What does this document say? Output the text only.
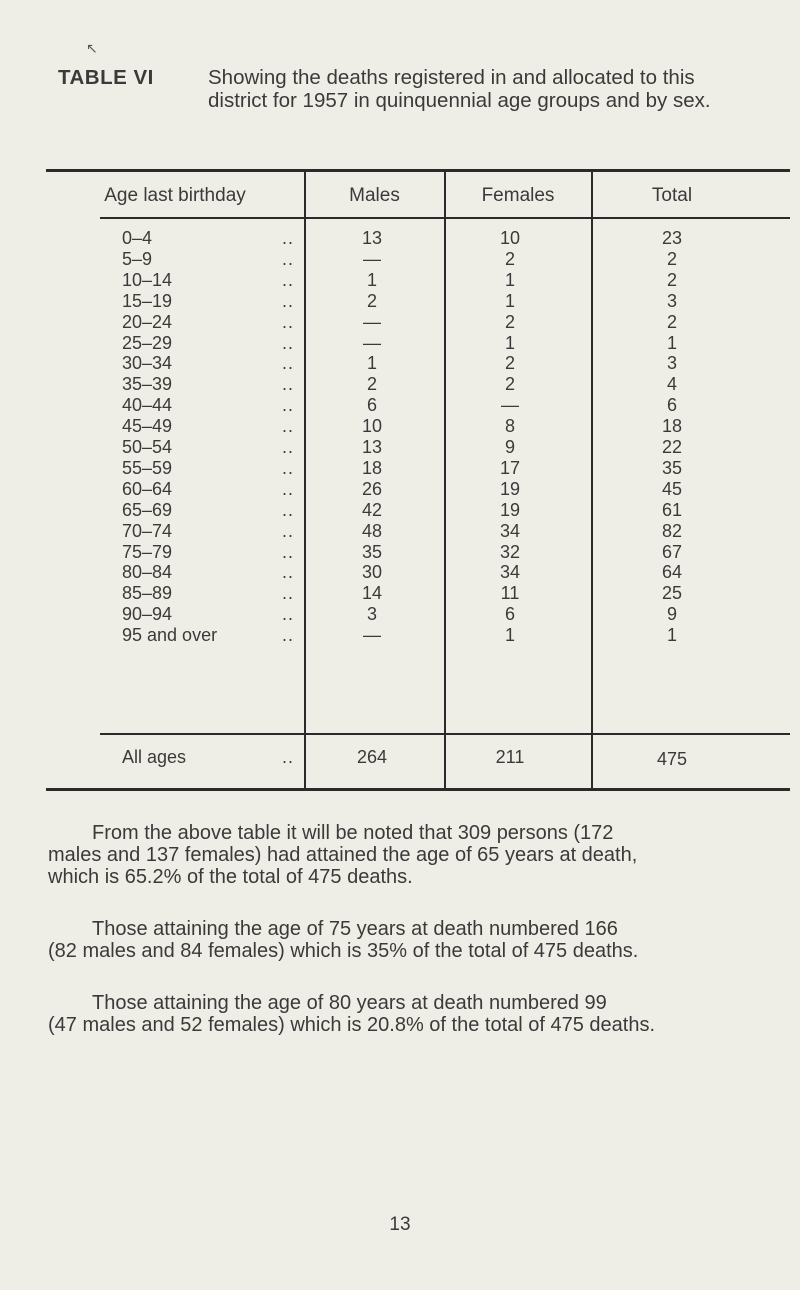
↖
TABLE VI	Showing the deaths registered in and allocated to this district for 1957 in quinquennial age groups and by sex.
Age last birthday	Males	Females	Total
0–4	..	13	10	23
5–9	..	—	2	2
10–14	..	1	1	2
15–19	..	2	1	3
20–24	..	—	2	2
25–29	..	—	1	1
30–34	..	1	2	3
35–39	..	2	2	4
40–44	..	6	—	6
45–49	..	10	8	18
50–54	..	13	9	22
55–59	..	18	17	35
60–64	..	26	19	45
65–69	..	42	19	61
70–74	..	48	34	82
75–79	..	35	32	67
80–84	..	30	34	64
85–89	..	14	11	25
90–94	..	3	6	9
95 and over	..	—	1	1
All ages	..	264	211	475
From the above table it will be noted that 309 persons (172
males and 137 females) had attained the age of 65 years at death,
which is 65.2% of the total of 475 deaths.
Those attaining the age of 75 years at death numbered 166
(82 males and 84 females) which is 35% of the total of 475 deaths.
Those attaining the age of 80 years at death numbered 99
(47 males and 52 females) which is 20.8% of the total of 475 deaths.
13
